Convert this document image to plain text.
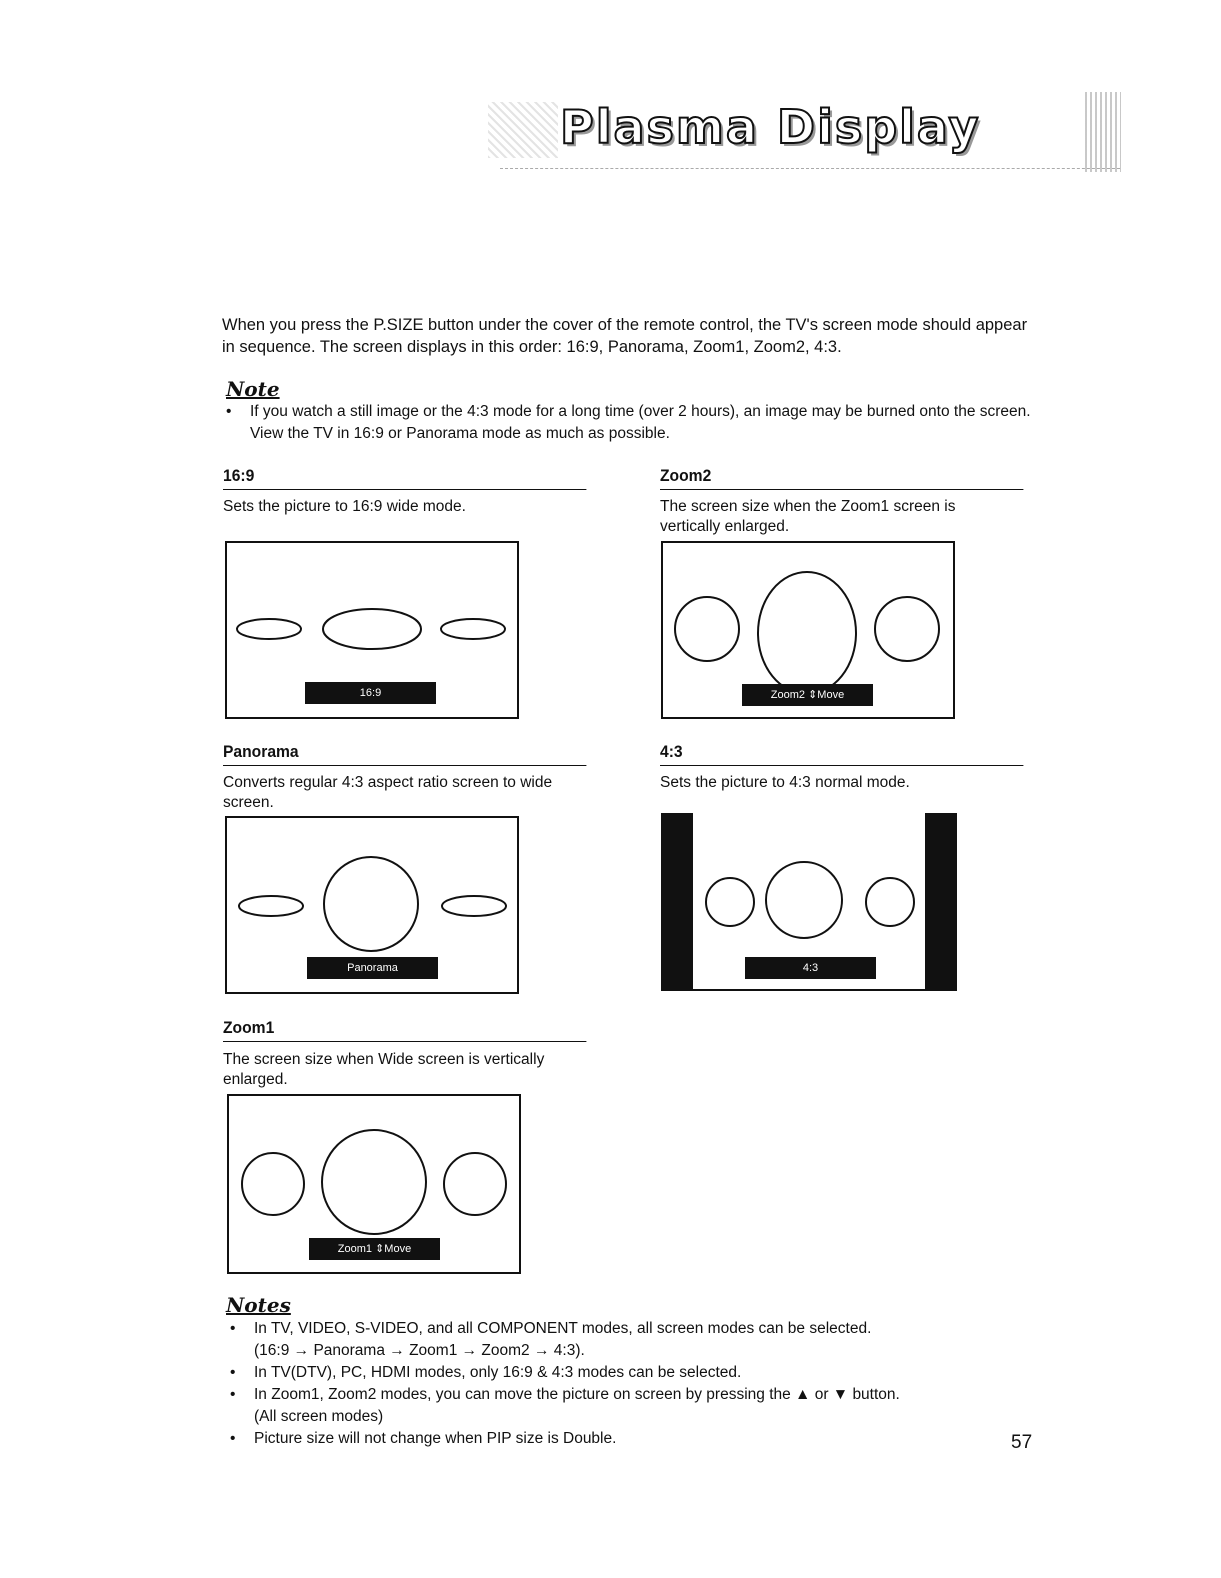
Plasma Display
When you press the P.SIZE button under the cover of the remote control, the TV's screen mode should appear in sequence. The screen displays in this order: 16:9, Panorama, Zoom1, Zoom2, 4:3.
Note
• If you watch a still image or the 4:3 mode for a long time (over 2 hours), an image may be burned onto the screen. View the TV in 16:9 or Panorama mode as much as possible.
16:9
Sets the picture to 16:9 wide mode.
16:9
Panorama
Converts regular 4:3 aspect ratio screen to wide screen.
Panorama
Zoom1
The screen size when Wide screen is vertically enlarged.
Zoom1 ⇕Move
Zoom2
The screen size when the Zoom1 screen is vertically enlarged.
Zoom2 ⇕Move
4:3
Sets the picture to 4:3 normal mode.
4:3
Notes
• In TV, VIDEO, S-VIDEO, and all COMPONENT modes, all screen modes can be selected.
(16:9 → Panorama → Zoom1 → Zoom2 → 4:3).
• In TV(DTV), PC, HDMI modes, only 16:9 & 4:3 modes can be selected.
• In Zoom1, Zoom2 modes, you can move the picture on screen by pressing the ▲ or ▼ button.
(All screen modes)
• Picture size will not change when PIP size is Double.	57
